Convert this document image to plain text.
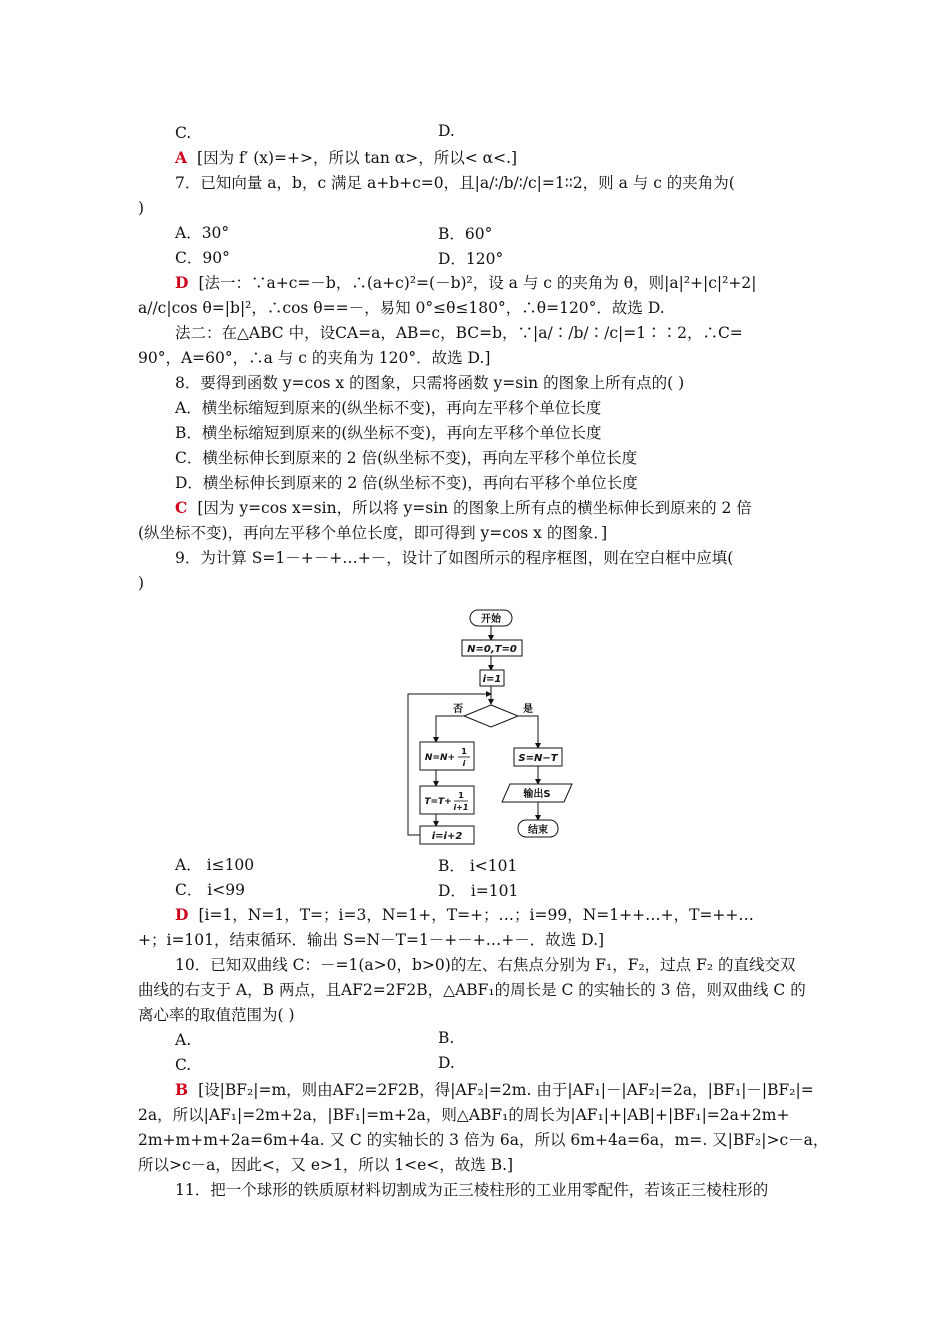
C.	D.
A [因为 f′ (x)=+>，所以 tan α>，所以< α<.]
7．已知向量 a，b，c 满足 a+b+c=0，且|a/∶/b/∶/c|=1∶∶2，则 a 与 c 的夹角为(
)
A．30°	B．60°
C．90°	D．120°
D [法一：∵a+c=－b，∴(a+c)²=(－b)²，设 a 与 c 的夹角为 θ，则|a|²+|c|²+2|
a//c|cos θ=|b|²，∴cos θ==－，易知 0°≤θ≤180°，∴θ=120°．故选 D.
法二：在△ABC 中，设CA=a，AB=c，BC=b，∵|a/∶/b/∶/c|=1∶∶2，∴C=
90°，A=60°，∴a 与 c 的夹角为 120°．故选 D.]
8．要得到函数 y=cos x 的图象，只需将函数 y=sin 的图象上所有点的( )
A．横坐标缩短到原来的(纵坐标不变)，再向左平移个单位长度
B．横坐标缩短到原来的(纵坐标不变)，再向左平移个单位长度
C．横坐标伸长到原来的 2 倍(纵坐标不变)，再向左平移个单位长度
D．横坐标伸长到原来的 2 倍(纵坐标不变)，再向右平移个单位长度
C [因为 y=cos x=sin，所以将 y=sin 的图象上所有点的横坐标伸长到原来的 2 倍
(纵坐标不变)，再向左平移个单位长度，即可得到 y=cos x 的图象．]
9．为计算 S=1－+－+…+－，设计了如图所示的程序框图，则在空白框中应填(
)
A． i≤100	B． i<101
C． i<99	D． i=101
D [i=1，N=1，T=；i=3，N=1+，T=+；…；i=99，N=1++…+，T=++…
+；i=101，结束循环．输出 S=N－T=1－+－+…+－．故选 D.]
10．已知双曲线 C：－=1(a>0，b>0)的左、右焦点分别为 F₁，F₂，过点 F₂ 的直线交双
曲线的右支于 A，B 两点，且AF2=2F2B，△ABF₁的周长是 C 的实轴长的 3 倍，则双曲线 C 的
离心率的取值范围为( )
A.	B.
C.	D.
B [设|BF₂|=m，则由AF2=2F2B，得|AF₂|=2m. 由于|AF₁|－|AF₂|=2a，|BF₁|－|BF₂|=
2a，所以|AF₁|=2m+2a，|BF₁|=m+2a，则△ABF₁的周长为|AF₁|+|AB|+|BF₁|=2a+2m+
2m+m+m+2a=6m+4a. 又 C 的实轴长的 3 倍为 6a，所以 6m+4a=6a，m=. 又|BF₂|>c－a，
所以>c－a，因此<，又 e>1，所以 1<e<，故选 B.]
11．把一个球形的铁质原材料切割成为正三棱柱形的工业用零配件，若该正三棱柱形的
开始
N=0,T=0
i=1
否	是
N=N+
1
i
T=T+
1
i+1
i=i+2
S=N−T
输出S
结束
